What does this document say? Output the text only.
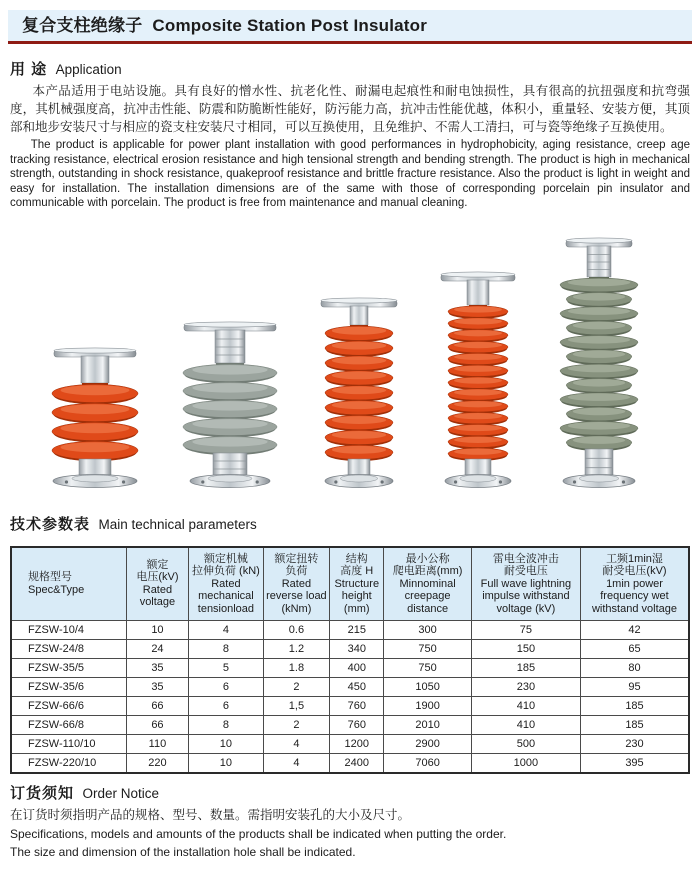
复合支柱绝缘子 Composite Station Post Insulator
用 途 Application

本产品适用于电站设施。具有良好的憎水性、抗老化性、耐漏电起痕性和耐电蚀损性，具有很高的抗扭强度和抗弯强度，其机械强度高，抗冲击性能、防震和防脆断性能好，防污能力高，抗冲击性能优越，体积小，重量轻、安装方便，其顶部和地步安装尺寸与相应的瓷支柱安装尺寸相同，可以互换使用，且免维护、不需人工清扫，可与瓷等绝缘子互换使用。

The product is applicable for power plant installation with good performances in hydrophobicity, aging resistance, creep age tracking resistance, electrical erosion resistance and high tensional strength and bending strength. The product is high in mechanical strength, outstanding in shock resistance, quakeproof resistance and brittle fracture resistance. Also the product is light in weight and easy for installation. The installation dimensions are of the same with those of corresponding porcelain pin insulator and communicable with porcelain. The product is free from maintenance and manual cleaning.

技术参数表 Main technical parameters
规格型号
Spec&Type

额定
电压(kV)
Rated
voltage

额定机械
拉伸负荷 (kN)
Rated
mechanical
tensionload

额定扭转
负荷
Rated
reverse load
(kNm)

结构
高度 H
Structure
height
(mm)

最小公称
爬电距离(mm)
Minnominal
creepage
distance

雷电全波冲击
耐受电压
Full wave lightning
impulse withstand
voltage (kV)

工频1min湿
耐受电压(kV)
1min power
frequency wet
withstand voltage

FZSW-10/4	10	4	0.6	215	300	75	42
FZSW-24/8	24	8	1.2	340	750	150	65
FZSW-35/5	35	5	1.8	400	750	185	80
FZSW-35/6	35	6	2	450	1050	230	95
FZSW-66/6	66	6	1,5	760	1900	410	185
FZSW-66/8	66	8	2	760	2010	410	185
FZSW-110/10	110	10	4	1200	2900	500	230
FZSW-220/10	220	10	4	2400	7060	1000	395
订货须知 Order Notice
在订货时须指明产品的规格、型号、数量。需指明安装孔的大小及尺寸。
Specifications, models and amounts of the products shall be indicated when putting the order.
The size and dimension of the installation hole shall be indicated.
